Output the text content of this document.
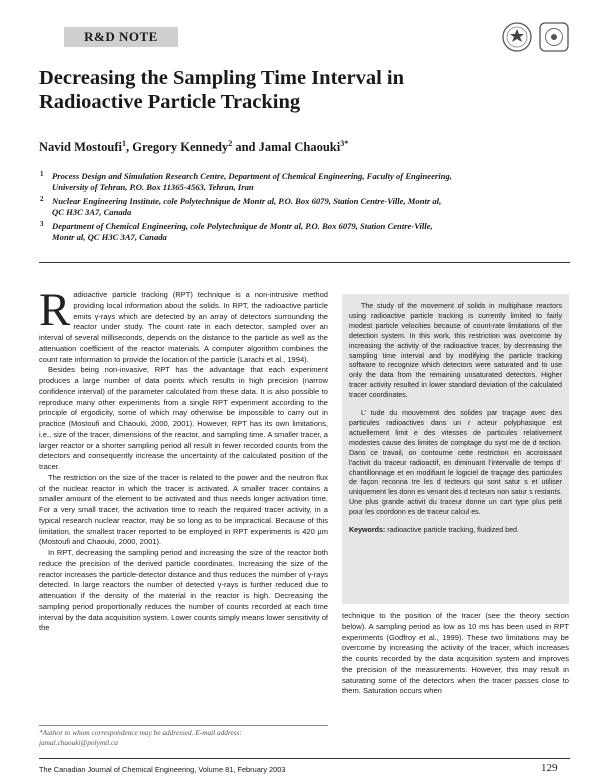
R&D NOTE
Decreasing the Sampling Time Interval in
Radioactive Particle Tracking
Navid Mostoufi$^1$, Gregory Kennedy$^2$ and Jamal Chaouki$^{3*}$
1 Process Design and Simulation Research Centre, Department of Chemical Engineering, Faculty of Engineering,
University of Tehran, P.O. Box 11365-4563, Tehran, Iran
2 Nuclear Engineering Institute, cole Polytechnique de Montr al, P.O. Box 6079, Station Centre-Ville, Montr al,
QC H3C 3A7, Canada
3 Department of Chemical Engineering, cole Polytechnique de Montr al, P.O. Box 6079, Station Centre-Ville,
Montr al, QC H3C 3A7, Canada

Radioactive particle tracking (RPT) technique is a non-intrusive method providing local information about the solids. In RPT, the radioactive particle emits γ-rays which are detected by an array of detectors surrounding the reactor under study. The count rate in each detector, sampled over an interval of several milliseconds, depends on the distance to the particle as well as the attenuation coefficient of the reactor materials. A computer algorithm combines the count rate information to provide the location of the particle (Larachi et al., 1994).

Besides being non-invasive, RPT has the advantage that each experiment produces a large number of data points which results in high precision (narrow confidence interval) of the parameter calculated from these data. It is also possible to reproduce many other experiments from a single RPT experiment according to the principle of ergodicity, some of which may otherwise be impossible to carry out in practice (Mostoufi and Chaouki, 2000, 2001). However, RPT has its own limitations, i.e., size of the tracer, dimensions of the reactor, and sampling time. A smaller tracer, a larger reactor or a shorter sampling period all result in fewer recorded counts from the detectors and consequently increase the uncertainty of the calculated position of the tracer.

The restriction on the size of the tracer is related to the power and the neutron flux of the nuclear reactor in which the tracer is activated. A smaller tracer contains a smaller amount of the element to be activated and thus needs longer activation time. For a very small tracer, the activation time to reach the required tracer activity, in a typical research nuclear reactor, may be so long as to be impractical. Because of this limitation, the smallest tracer reported to be employed in RPT experiments is 420 µm (Mostoufi and Chaouki, 2000, 2001).

In RPT, decreasing the sampling period and increasing the size of the reactor both reduce the precision of the derived particle coordinates. Increasing the size of the reactor increases the particle-detector distance and thus reduces the number of γ-rays detected. In large reactors the number of detected γ-rays is further reduced due to attenuation if the density of the material in the reactor is high. Decreasing the sampling period proportionally reduces the number of counts recorded at each time interval by the data acquisition system. Lower counts simply means lower sensitivity of the

The study of the movement of solids in multiphase reactors using radioactive particle tracking is currently limited to fairly modest particle velocities because of count-rate limitations of the detection system. In this work, this restriction was overcome by increasing the activity of the radioactive tracer, by decreasing the sampling time interval and by modifying the particle tracking software to recognize which detectors were saturated and to use only the data from the remaining unsaturated detectors. Higher tracer activity resulted in lower standard deviation of the calculated tracer coordinates.

L’ tude du mouvement des solides par traçage avec des particules radioactives dans un r acteur polyphasique est actuellement limit e des vitesses de particules relativement modestes cause des limites de comptage du syst me de d tection. Dans ce travail, on contourne cette restriction en accroissant l’activit du traceur radioactif, en diminuant l’intervalle de temps d’ chantillonnage et en modifiant le logiciel de traçage des particules de façon reconna tre les d tecteurs qui sont satur s et utiliser uniquement les donn es venant des d tecteurs non satur s restants. Une plus grande activit du traceur donne un cart type plus petit pour les coordonn es de traceur calcul es.

Keywords: radioactive particle tracking, fluidized bed.

technique to the position of the tracer (see the theory section below). A sampling period as low as 10 ms has been used in RPT experiments (Godfroy et al., 1999). These two limitations may be overcome by increasing the activity of the tracer, which increases the counts recorded by the data acquisition system and improves the precision of the measurements. However, this may result in saturating some of the detectors when the tracer passes close to them. Saturation occurs when

*Author to whom correspondence may be addressed. E-mail address:
jamal.chaouki@polymtl.ca
The Canadian Journal of Chemical Engineering, Volume 81, February 2003	129
